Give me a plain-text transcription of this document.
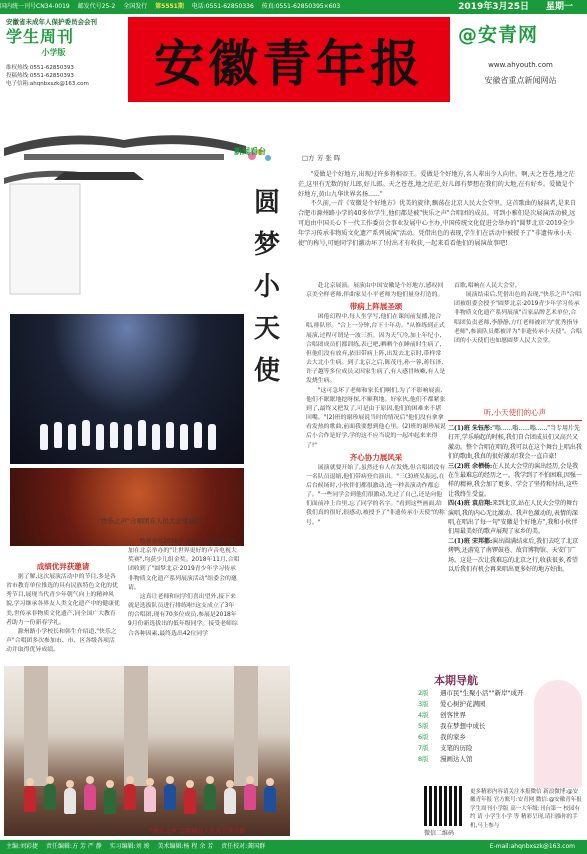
国内统一刊号CN34-0019 邮发代号25-2 全国发行 第5551期 电话:0551-62850336 传真:0551-62850395×603	2019年3月25日 星期一
安徽省未成年人保护委员会会刊
学生周刊
小学版
维权热线:0551-62850393
投稿热线:0551-62850393
电子信箱:ahqnbxszk@163.com	安徽青年报 @安青网
www.ahyouth.com
安徽省重点新闻网站
"快乐之声"合唱团在人民大会堂演出
新闻看台
□方 芳 张 晖
圆梦小天使

"爱做是个好地方,出现过许多将相帝王。爱做是个好地方,名人辈出令人向往。啊,天之苍苍,地之茫茫,这里有无数的好儿郎,好儿郎。天之苍苍,地之茫茫,好儿郎有梦想在我们的大地,在有好乡。爱做是个好地方,黄山九华世界名扬......"

不久前,一首《安徽是个好地方》优美的旋律,飘荡在北京人民大会堂里。这首歌曲的展演者,是来自合肥市滁州路小学的40多位学生,他们都是被"快乐之声"合唱团的成员。可到小雅们是次展演活动被,远可追由中国关心下一代工作委员会事业发展中心主办,中国传统文化促进会举办的"圆梦北京·2019全少年学习传承非物质文化遗产系列展演"活动。凭借出色的表现,学生们在活动中被授予了"非遗传承小天使"的称号,可她同学们激动坏了!付出才有收获,一起来看看他们的展演故事吧!

成绩优异获邀请

据了解,这次展演活动中的节目,多是各省市教育单位推选的具有民族特色文化的优秀节目,展现当代青少年朝气向上的精神风貌,学习继承各界友人类文化遗产中的健康优美,世传承非物质文化遗产,同全国广大教育者助力一份新春学礼。

滁州路小学校长和韩生介绍道,"快乐之声"合唱团多次参加市、市、区各级各项活动并取得优异成绩。

特别是在2016年,2017年连续两年参加在北京举办的"让世界更好的声音电视大奖赛",均获少儿组金奖。2018年11月,合唱团收到了"圆梦北京·2019青少年学习传承非物质文化遗产系列展演活动"组委会的邀请。

这真让老师和同学们喜出望外,接下来就是选拔队员进行排练啦!这支成立了3年的合唱团,现有70多位成员,参展是2018年9月份新选拔出的低年级同学。接受老师综合各种因素,最终选出42位同学

赴北京展演。展演由中国安徽是个好地方,感叹回京美全样老师,伴曲家吴小平老师为他们量身打造的。

带病上阵展圣颂

困倦幻程中,每人坐学写,他们在课间前复播,抢合唱,排队形。"合上一分钟,台下十年功。"从修练到正式展演,过程可谓是一波三折。因为天气冷,加上年纪小,合唱团成员们都训练,表已吧,晒晒个在睡前时生病了,但他们没有放弃,依旧带病上阵,出发去北京时,带样常去大北小生病。到了北京之后,陈茂丹,孙一蓉,蒋钰泽,许子越等多位成员又因家生病了,有人感冒咳嗽,有人是发烧生病。

"这可急坏了老师和家长们啊们,为了不影响展演,他们不眠眠地挖呀探,不顺利地。好家伙,他们不都紧张到了,最终又把发了,可是由于原因,他们的困难来不堪回嘴。"(2)班的谢珍展说当时的情况后"他们没有拿拿看发热的歌曲,前面我要想到他心里。(2)班的谢珍展说后小合作是好学,学的这不应当说的一起冲起来来得了!"

齐心协力展风采

展演就要开始了,虽然还有人在发烧,但合唱团没有一名队员退缩,他们带病登台演出。"三(3)班吴振远,在后台候场时,小伙伴们都很激动,连一秒表演动作都忘了。"一些同学会到他们很激动,先过了自己,还是向他们面前冲上台里,忘了同学的名字。"看到这些画面,给我们真的很好,很感动,被授予了"非遗传承小天使"的称号。"

首歌,唱响在人民大会堂。

展演结束后,凭借出色的表现,"快乐之声"合唱团被组委会授予"圆梦北京·2019青少年学习传承非物质文化遗产系列展演"百家品牌艺术单位,合唱团负责老师,李静静,方红老师被评为"优秀指导老师",参演队员都被评为"非遗传承小天使"。合唱团的小天使们也如愿圆梦人民大会堂。

听,小天使们的心声

二(1)班 朱钰彤:"嗡......嗡......嗡......"当专用片先打开,学乐响起的时候,我们自合团成员们又高兴又激动。整个合唱在唱的,我可以在这个舞台上唱出我们的歌曲,我真的很好激动!我会一直自豪!

三(2)班 余栖杨:在人民大会堂的演出经历,会是我在生最难忘的经历之一。我学到了不怕困难,因强一样的精神,我会加了更多、学会了坚持和付出,这些让我终生受益。

四(4)班 袁启翔:来到北京,站在人民大会堂的舞台演唱,我的内心无比激动。我声色激动的,表情的深唱,在唱出了每一句"安徽是个好地方",我和小伙伴们用最美好的歌声展现了家乡的美。

二(1)班 宋邦都:演出圆满结束后,我们去吃了北京烤鸭,还游览了南锣鼓巷、故宫博物馆、天安门广场。这是一次让我难忘的北京之行,收获很多,希望以后我们有机会再来唱出更多好的地方好曲。

"快乐之声"合唱团在人民大会堂合影
本期导航
2版 遇市民"生聚小活""新岸"成开
3版 爱心树护花满园
4版 创客世界
5版 我在梦想中成长
6版 我的家乡
7版 支笔的历险
8版 漫画达人馆
微信二维码
更多精彩内容请关注本报微信 新浪微博:@安徽青年报 官方账号:安青网 微信:@安徽青年报学生周刊小学版 高一大年级:刊台第一 校园有约 请 小学生小学 等 精彩呈现,请扫描你的手机,马上参与
主编:刘彩捷 责任编辑:方 芳 严 静 实习编辑:刘 竣 美术编辑:杨 程 余 芳 责任校对:龚国群	E-mail:ahqnbxszk@163.com
